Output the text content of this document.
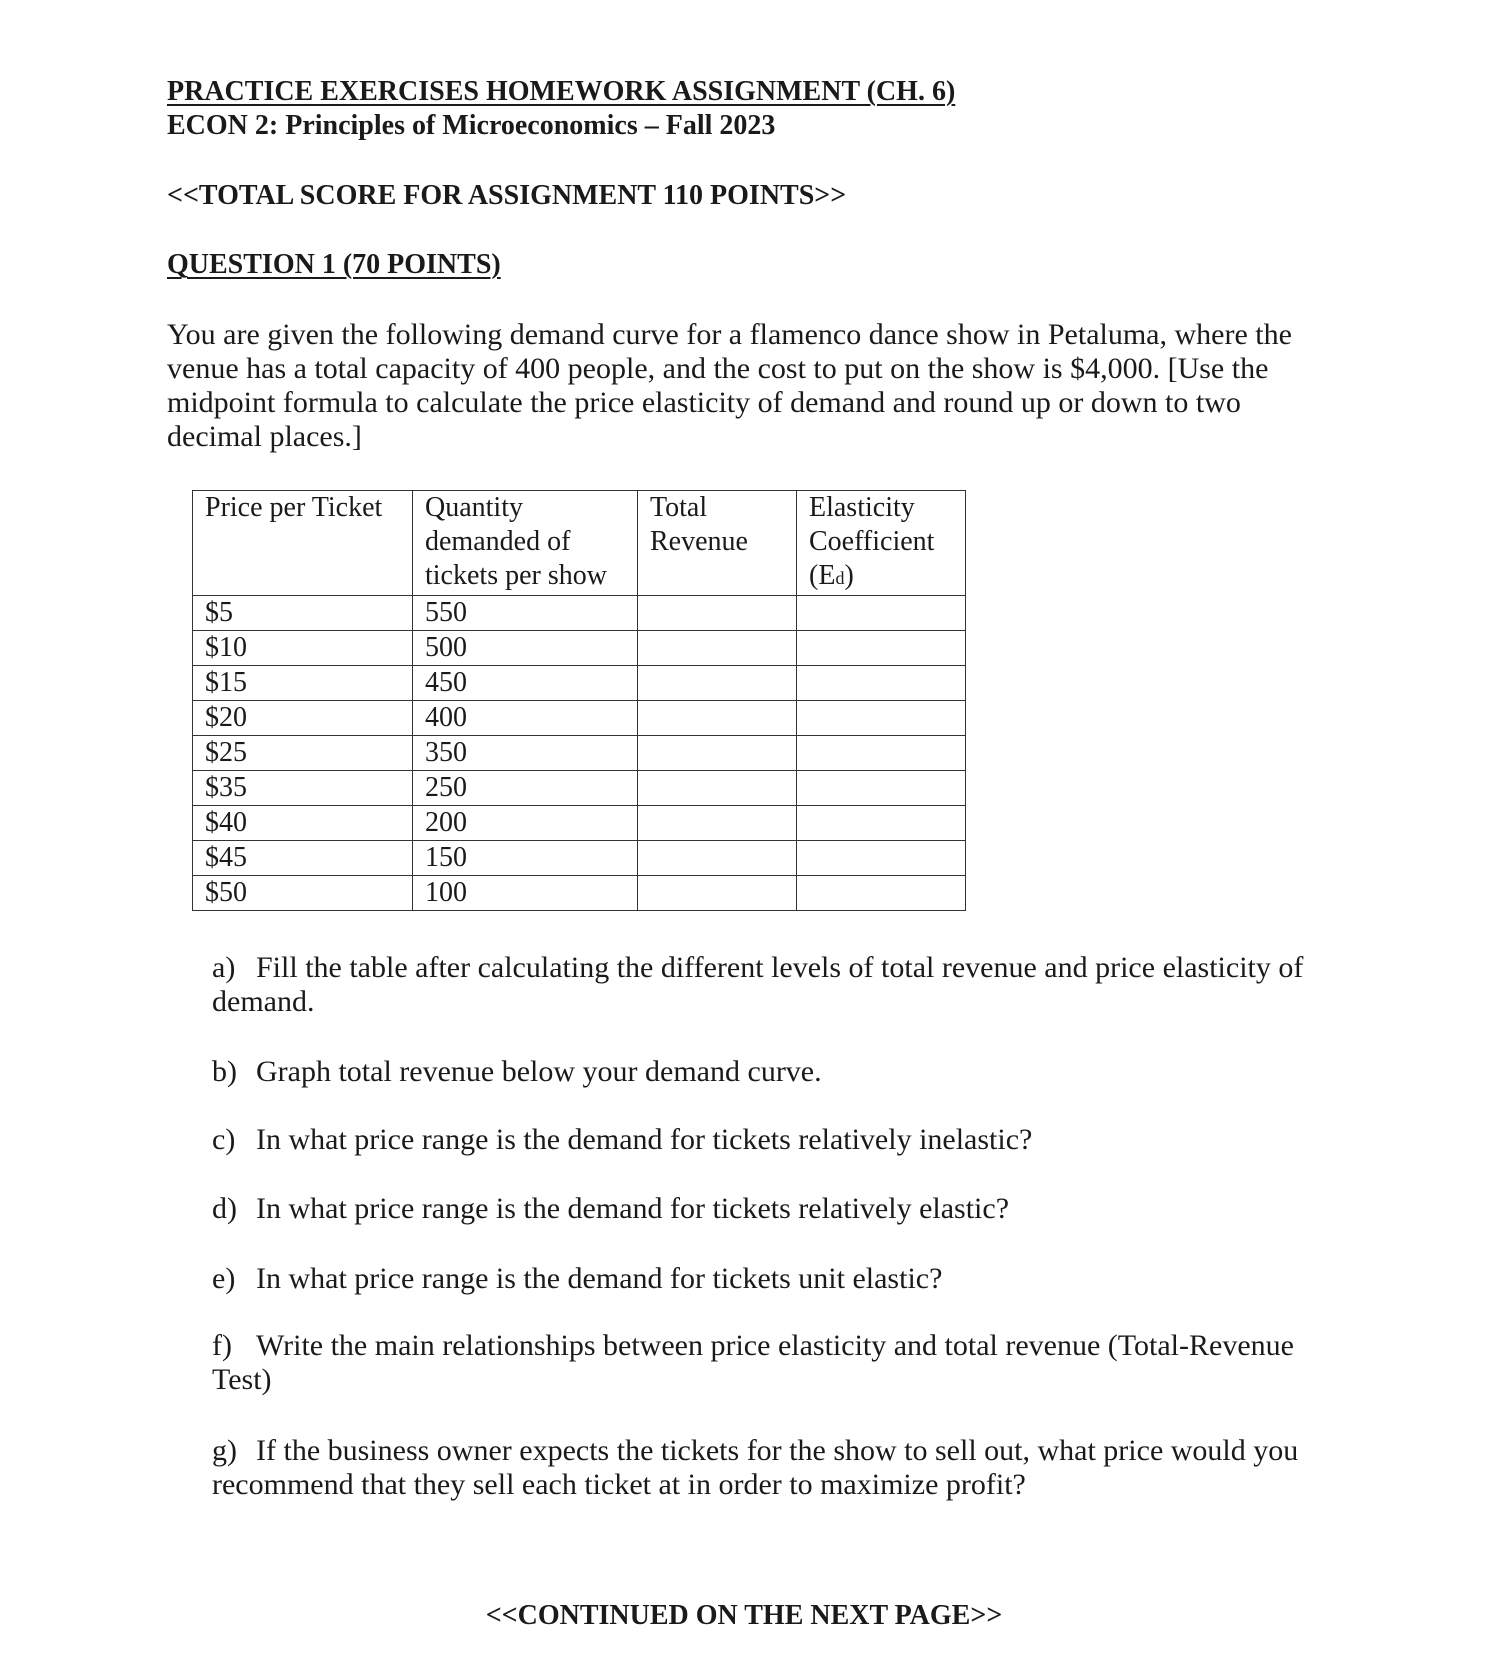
PRACTICE EXERCISES HOMEWORK ASSIGNMENT (CH. 6)
ECON 2: Principles of Microeconomics – Fall 2023
<<TOTAL SCORE FOR ASSIGNMENT 110 POINTS>>
QUESTION 1 (70 POINTS)
You are given the following demand curve for a flamenco dance show in Petaluma, where the venue has a total capacity of 400 people, and the cost to put on the show is $4,000. [Use the midpoint formula to calculate the price elasticity of demand and round up or down to two decimal places.]
Price per Ticket	Quantity demanded of tickets per show	Total Revenue	Elasticity Coefficient (Ed)
$5	550		
$10	500		
$15	450		
$20	400		
$25	350		
$35	250		
$40	200		
$45	150		
$50	100		
a) Fill the table after calculating the different levels of total revenue and price elasticity of demand.
b) Graph total revenue below your demand curve.
c) In what price range is the demand for tickets relatively inelastic?
d) In what price range is the demand for tickets relatively elastic?
e) In what price range is the demand for tickets unit elastic?
f) Write the main relationships between price elasticity and total revenue (Total-Revenue Test)
g) If the business owner expects the tickets for the show to sell out, what price would you recommend that they sell each ticket at in order to maximize profit?
<<CONTINUED ON THE NEXT PAGE>>
